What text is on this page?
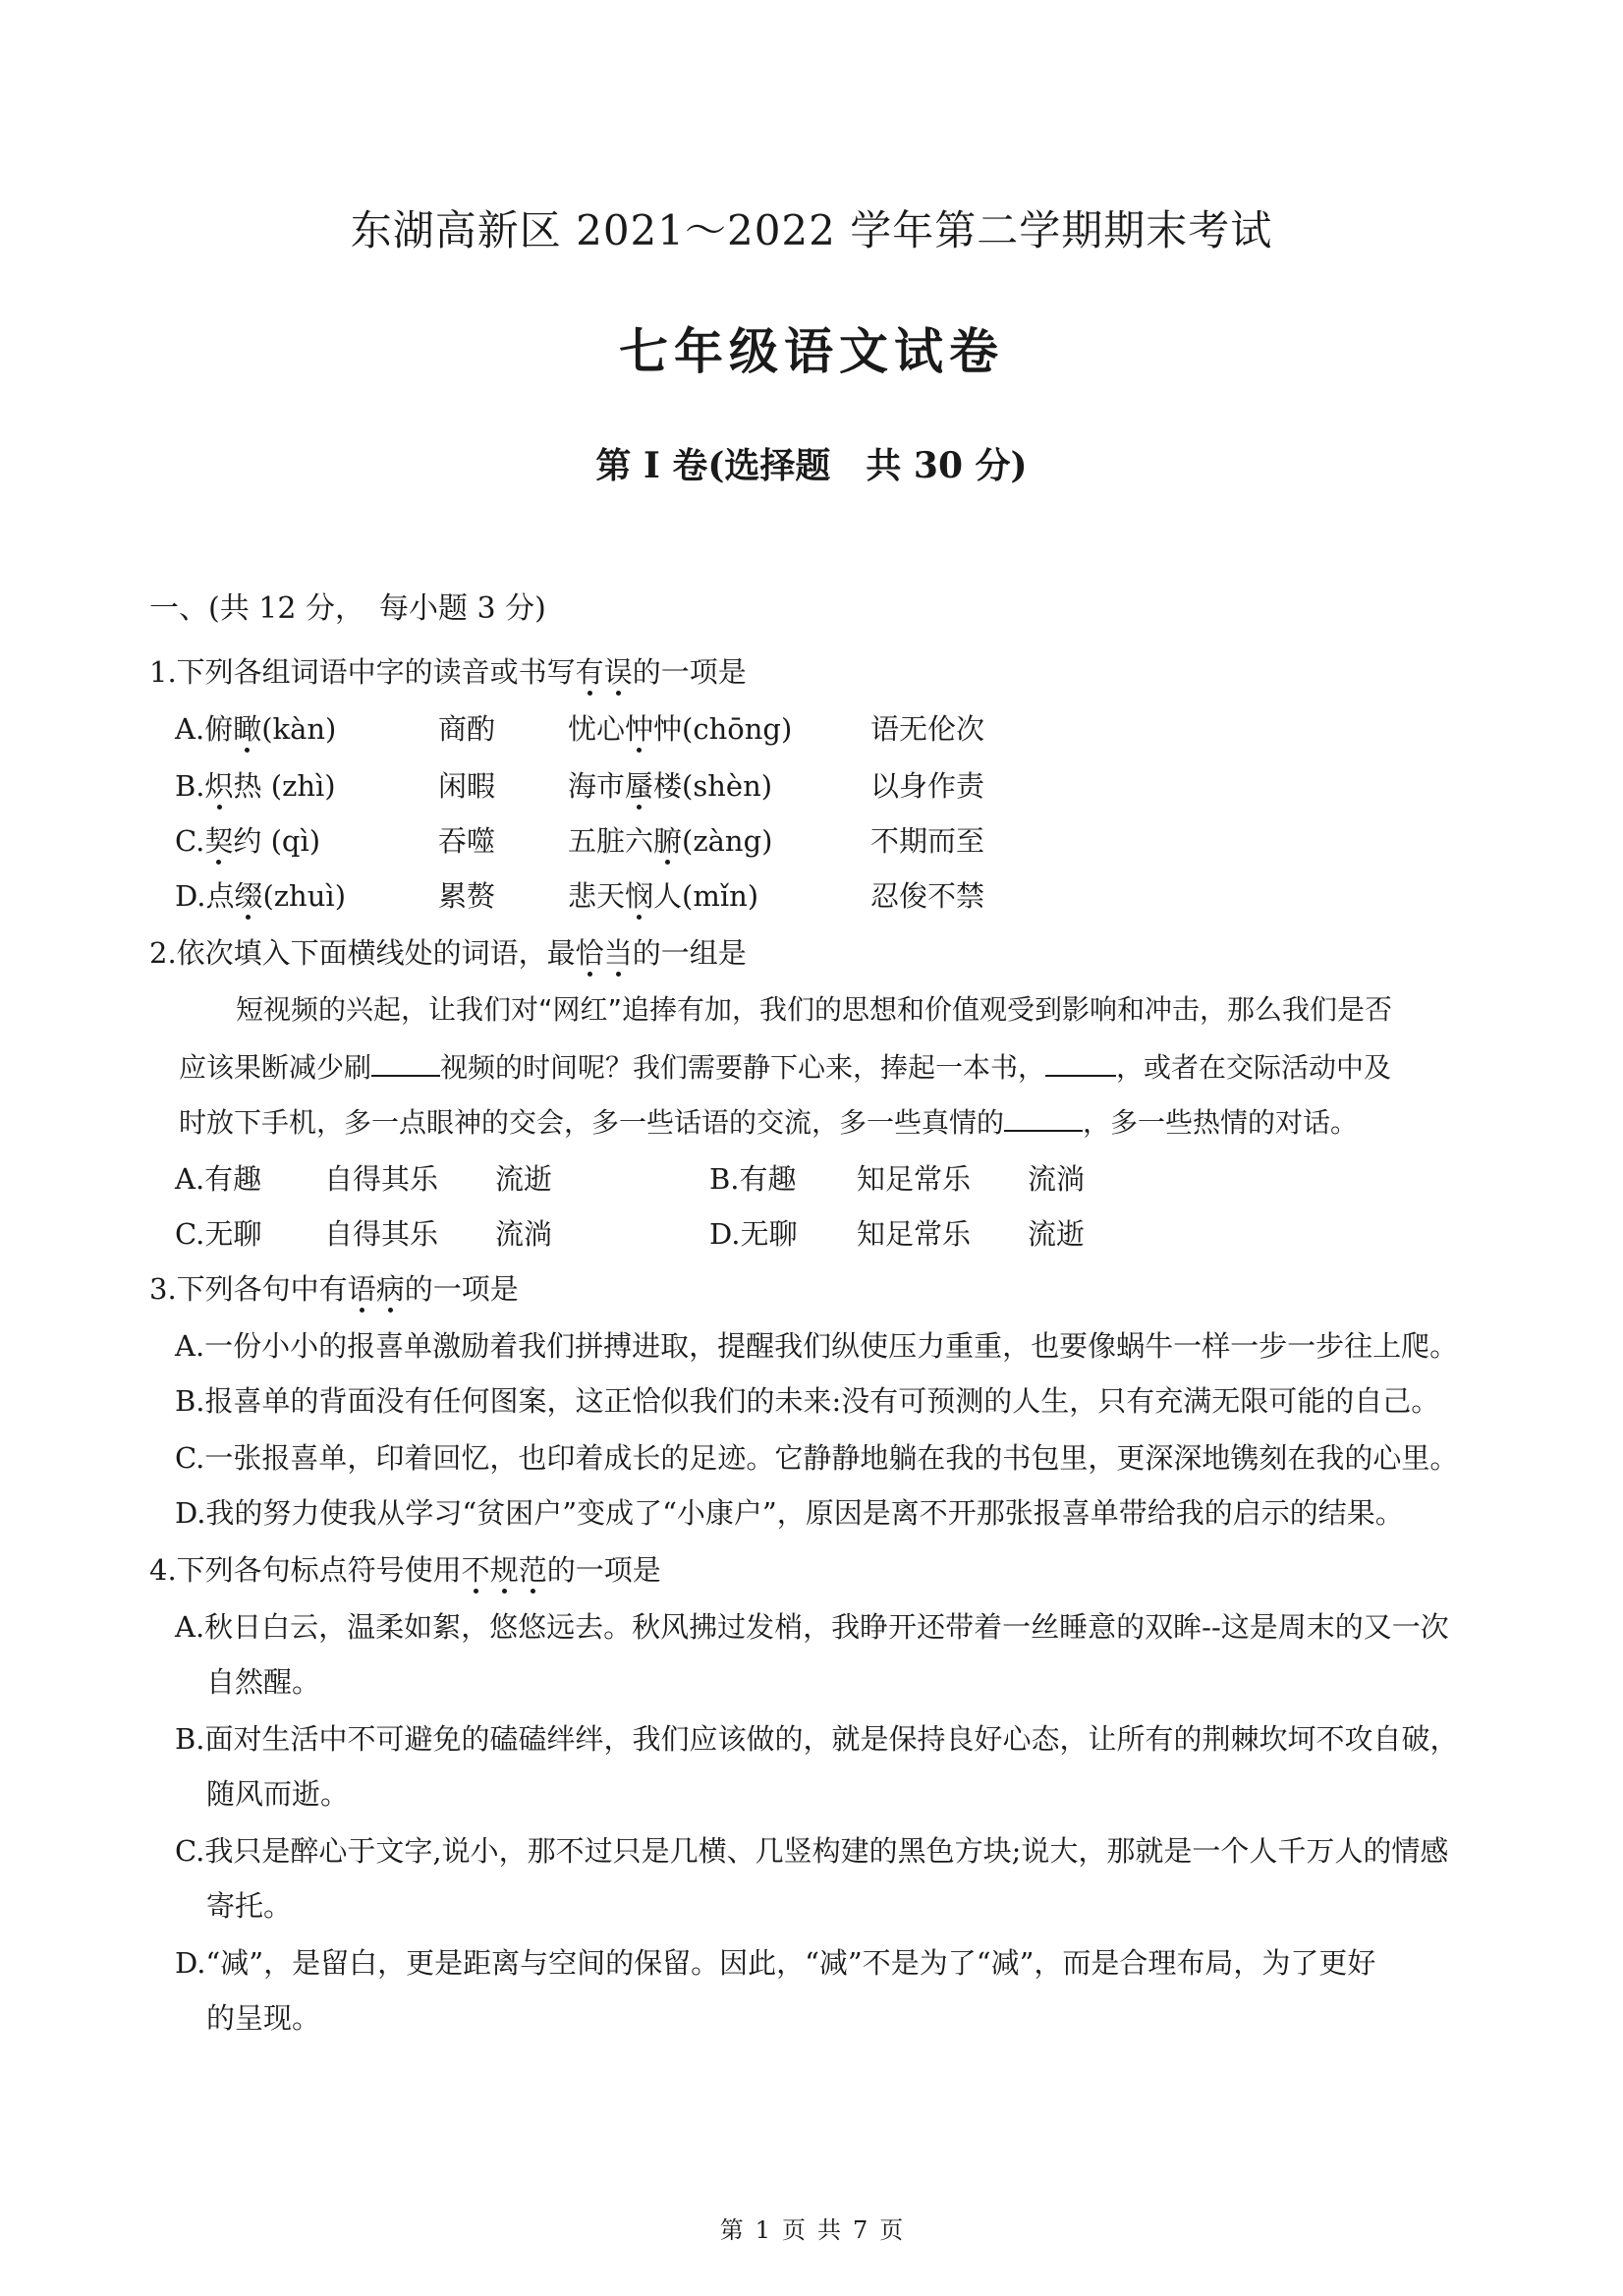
东湖高新区 2021～2022 学年第二学期期末考试
七年级语文试卷
第 I 卷(选择题　共 30 分)
一、(共 12 分，　每小题 3 分)
1.下列各组词语中字的读音或书写有误的一项是
A.俯瞰(kàn)	商酌	忧心忡忡(chōng)	语无伦次
B.炽热 (zhì)	闲暇	海市蜃楼(shèn)	以身作责
C.契约 (qì)	吞噬	五脏六腑(zàng)	不期而至
D.点缀(zhuì)	累赘	悲天悯人(mǐn)	忍俊不禁
2.依次填入下面横线处的词语，最恰当的一组是
短视频的兴起，让我们对“网红”追捧有加，我们的思想和价值观受到影响和冲击，那么我们是否
应该果断减少刷	视频的时间呢？我们需要静下心来，捧起一本书，	，或者在交际活动中及
时放下手机，多一点眼神的交会，多一些话语的交流，多一些真情的	，多一些热情的对话。
A.有趣 自得其乐 流逝	B.有趣 知足常乐 流淌
C.无聊 自得其乐 流淌	D.无聊 知足常乐 流逝
3.下列各句中有语病的一项是
A.一份小小的报喜单激励着我们拼搏进取，提醒我们纵使压力重重，也要像蜗牛一样一步一步往上爬。
B.报喜单的背面没有任何图案，这正恰似我们的未来:没有可预测的人生，只有充满无限可能的自己。
C.一张报喜单，印着回忆，也印着成长的足迹。它静静地躺在我的书包里，更深深地镌刻在我的心里。
D.我的努力使我从学习“贫困户”变成了“小康户”，原因是离不开那张报喜单带给我的启示的结果。
4.下列各句标点符号使用不规范的一项是
A.秋日白云，温柔如絮，悠悠远去。秋风拂过发梢，我睁开还带着一丝睡意的双眸--这是周末的又一次
自然醒。
B.面对生活中不可避免的磕磕绊绊，我们应该做的，就是保持良好心态，让所有的荆棘坎坷不攻自破，
随风而逝。
C.我只是醉心于文字,说小，那不过只是几横、几竖构建的黑色方块;说大，那就是一个人千万人的情感
寄托。
D.“减”，是留白，更是距离与空间的保留。因此，“减”不是为了“减”，而是合理布局，为了更好
的呈现。
第 1 页 共 7 页
